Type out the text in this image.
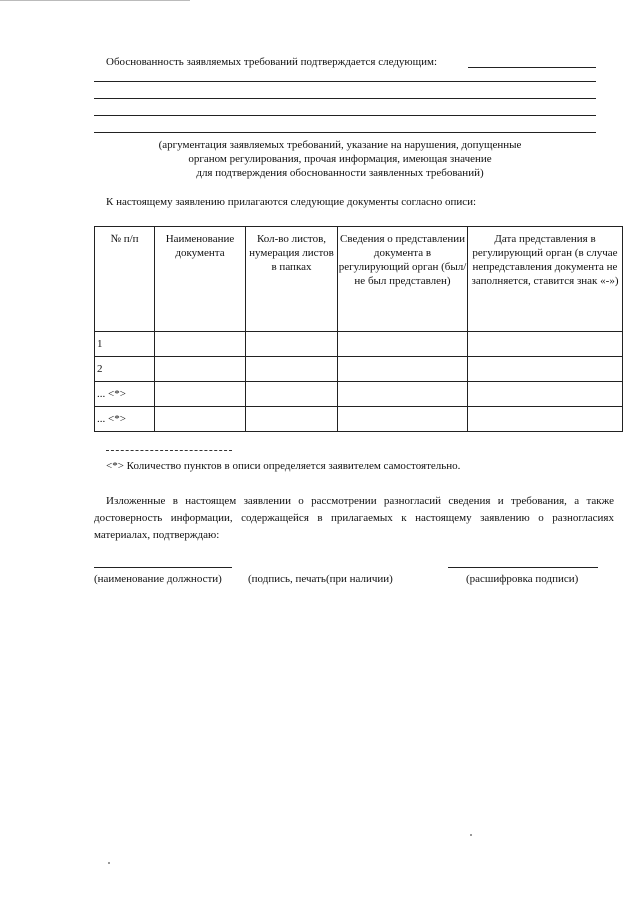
Обоснованность заявляемых требований подтверждается следующим:
(аргументация заявляемых требований, указание на нарушения, допущенные
органом регулирования, прочая информация, имеющая значение
для подтверждения обоснованности заявленных требований)
К настоящему заявлению прилагаются следующие документы согласно описи:
№ п/п	Наименование документа	Кол-во листов, нумерация листов в папках	Сведения о представлении документа в регулирующий орган (был/не был представлен)	Дата представления в регулирующий орган (в случае непредставления документа не заполняется, ставится знак «-»)
1				
2				
... <*>				
... <*>				
<*> Количество пунктов в описи определяется заявителем самостоятельно.
Изложенные в настоящем заявлении о рассмотрении разногласий сведения и требования, а также достоверность информации, содержащейся в прилагаемых к настоящему заявлению о разногласиях материалах, подтверждаю:
(наименование должности) (подпись, печать(при наличии)	(расшифровка подписи)
